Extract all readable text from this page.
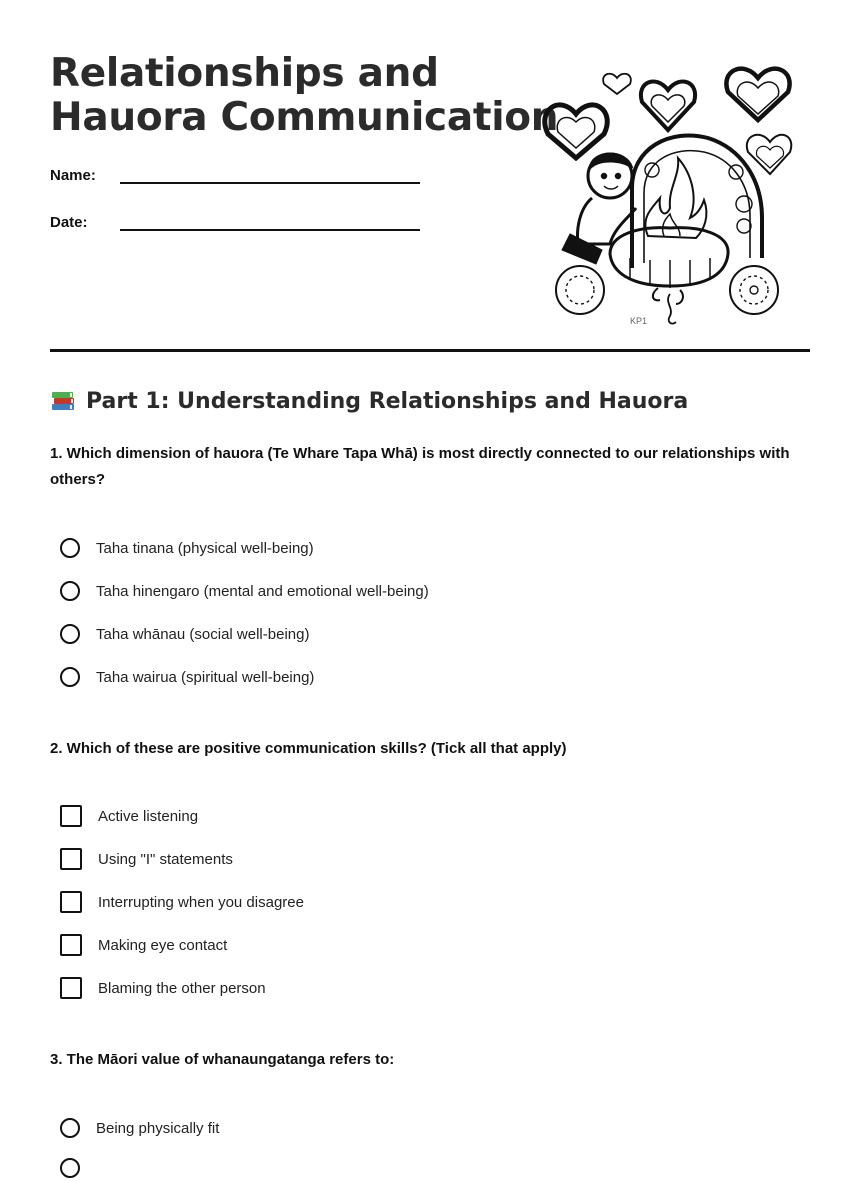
Relationships and
Hauora Communication
Name:
Date:
KP1
Part 1: Understanding Relationships and Hauora

1. Which dimension of hauora (Te Whare Tapa Whā) is most directly connected to our relationships with others?

Taha tinana (physical well-being)
Taha hinengaro (mental and emotional well-being)
Taha whānau (social well-being)
Taha wairua (spiritual well-being)

2. Which of these are positive communication skills? (Tick all that apply)

Active listening
Using "I" statements
Interrupting when you disagree
Making eye contact
Blaming the other person

3. The Māori value of whanaungatanga refers to:

Being physically fit
